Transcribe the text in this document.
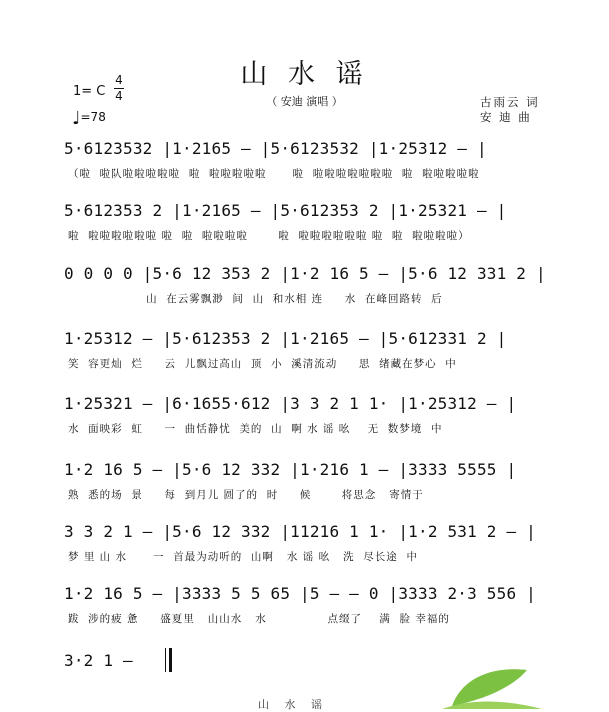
山 水 谣
（ 安迪 演唱 ）
1= C
4
4
♩=78
古雨云 词
安 迪 曲
5·6123532 |1·2165 – |5·6123532 |1·25312 – |
（啦  啦队啦啦啦啦啦  啦  啦啦啦啦啦      啦  啦啦啦啦啦啦啦  啦  啦啦啦啦啦
5·612353 2 |1·2165 – |5·612353 2 |1·25321 – |
啦  啦啦啦啦啦啦 啦  啦  啦啦啦啦       啦  啦啦啦啦啦啦 啦  啦  啦啦啦啦）
0 0 0 0 |5·6 12 353 2 |1·2 16 5 – |5·6 12 331 2 |
山  在云雾飘渺  间  山  和水相 连     水  在峰回路转  后
1·25312 – |5·612353 2 |1·2165 – |5·612331 2 |
笑  容更灿  烂     云  儿飘过高山  顶  小  溪清流动     思  绪藏在梦心  中
1·25321 – |6·1655·612 |3 3 2 1 1· |1·25312 – |
水  面映彩  虹     一  曲恬静忧  美的  山  啊 水 谣 吆    无  数梦境  中
1·2 16 5 – |5·6 12 332 |1·216 1 – |3333 5555 |
熟  悉的场  景     每  到月儿 圆了的  时     候       将思念   寄情于
3 3 2 1 – |5·6 12 332 |11216 1 1· |1·2 531 2 – |
梦 里 山 水      一  首最为动听的  山啊   水 谣 吆   洗  尽长途  中
1·2 16 5 – |3333 5 5 65 |5 – – 0 |3333 2·3 556 |
跋  涉的疲 惫     盛夏里   山山水   水              点缀了    满  脸 幸福的
3·2 1 –
山 水 谣
